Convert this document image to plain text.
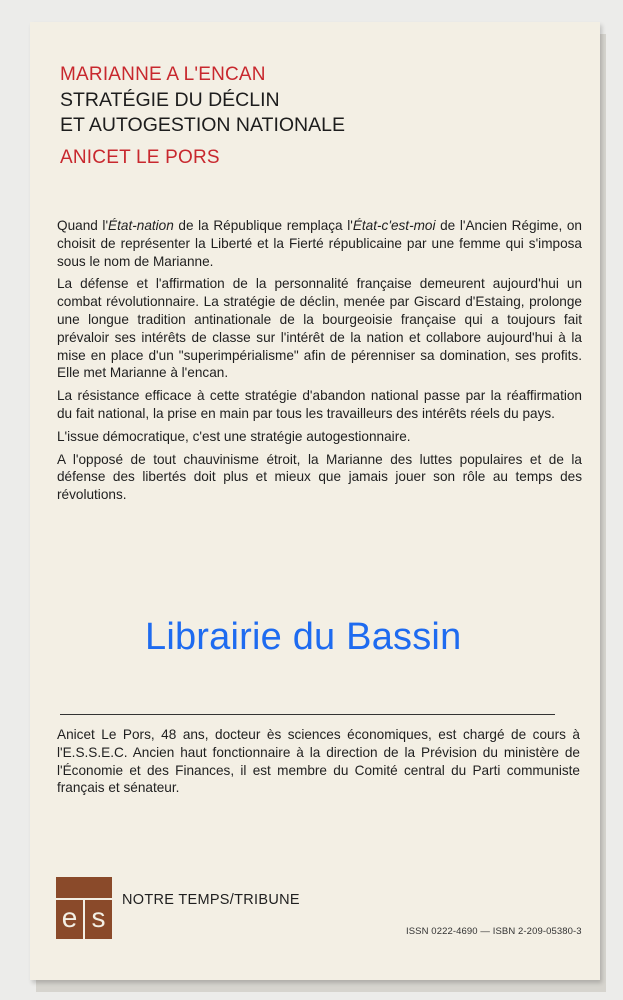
MARIANNE A L'ENCAN
STRATÉGIE DU DÉCLIN
ET AUTOGESTION NATIONALE
ANICET LE PORS

Quand l'État-nation de la République remplaça l'État-c'est-moi de l'Ancien Régime, on choisit de représenter la Liberté et la Fierté républicaine par une femme qui s'imposa sous le nom de Marianne.

La défense et l'affirmation de la personnalité française demeurent aujourd'hui un combat révolutionnaire. La stratégie de déclin, menée par Giscard d'Estaing, prolonge une longue tradition antinationale de la bourgeoisie française qui a toujours fait prévaloir ses intérêts de classe sur l'intérêt de la nation et collabore aujourd'hui à la mise en place d'un "superimpérialisme" afin de pérenniser sa domination, ses profits. Elle met Marianne à l'encan.

La résistance efficace à cette stratégie d'abandon national passe par la réaffirmation du fait national, la prise en main par tous les travailleurs des intérêts réels du pays.

L'issue démocratique, c'est une stratégie autogestionnaire.

A l'opposé de tout chauvinisme étroit, la Marianne des luttes populaires et de la défense des libertés doit plus et mieux que jamais jouer son rôle au temps des révolutions.

Librairie du Bassin
Anicet Le Pors, 48 ans, docteur ès sciences économiques, est chargé de cours à l'E.S.S.E.C. Ancien haut fonctionnaire à la direction de la Prévision du ministère de l'Économie et des Finances, il est membre du Comité central du Parti communiste français et sénateur.
e s
NOTRE TEMPS/TRIBUNE
ISSN 0222-4690 — ISBN 2-209-05380-3
